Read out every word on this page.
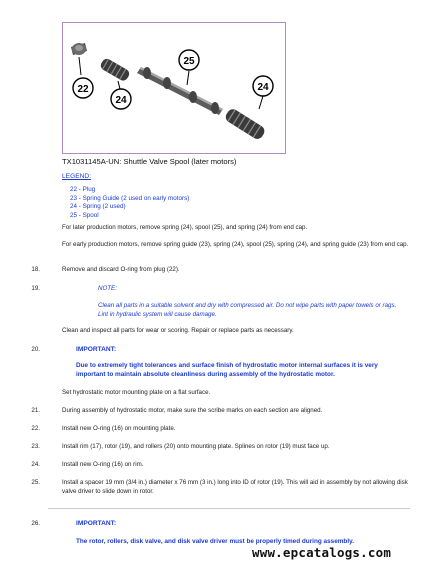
22
24
25
24
TX1031145A-UN: Shuttle Valve Spool (later motors)
LEGEND:
22 - Plug
23 - Spring Guide (2 used on early motors)
24 - Spring (2 used)
25 - Spool
For later production motors, remove spring (24), spool (25), and spring (24) from end cap.
For early production motors, remove spring guide (23), spring (24), spool (25), spring (24), and spring guide (23) from end cap.
18.	Remove and discard O-ring from plug (22).
19.	NOTE:
Clean all parts in a suitable solvent and dry with compressed air. Do not wipe parts with paper towels or rags. Lint in hydraulic system will cause damage.
Clean and inspect all parts for wear or scoring. Repair or replace parts as necessary.
20.	IMPORTANT:
Due to extremely tight tolerances and surface finish of hydrostatic motor internal surfaces it is very important to maintain absolute cleanliness during assembly of the hydrostatic motor.
Set hydrostatic motor mounting plate on a flat surface.
21.	During assembly of hydrostatic motor, make sure the scribe marks on each section are aligned.
22.	Install new O-ring (16) on mounting plate.
23.	Install rim (17), rotor (19), and rollers (20) onto mounting plate. Splines on rotor (19) must face up.
24.	Install new O-ring (16) on rim.
25.	Install a spacer 19 mm (3/4 in.) diameter x 76 mm (3 in.) long into ID of rotor (19). This will aid in assembly by not allowing disk valve driver to slide down in rotor.
26.	IMPORTANT:
The rotor, rollers, disk valve, and disk valve driver must be properly timed during assembly.
www.epcatalogs.com
